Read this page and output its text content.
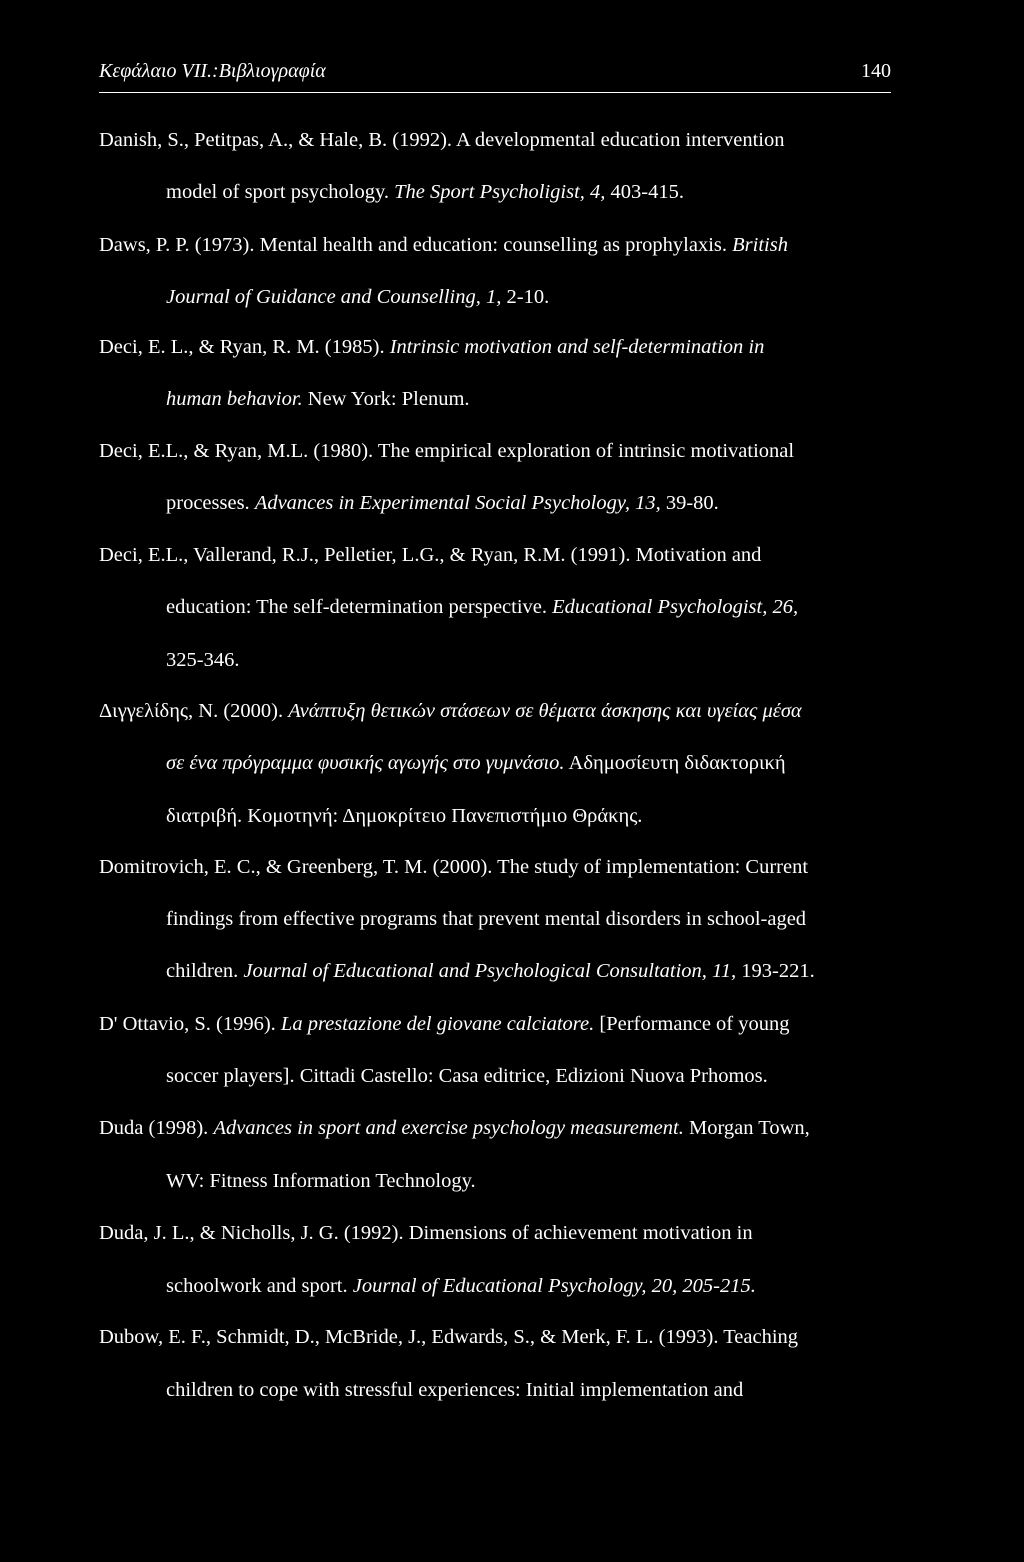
Κεφάλαιο VII.:Βιβλιογραφία	140
Danish, S., Petitpas, A., & Hale, B. (1992). A developmental education intervention
model of sport psychology. The Sport Psycholigist, 4, 403-415.
Daws, P. P. (1973). Mental health and education: counselling as prophylaxis. British
Journal of Guidance and Counselling, 1, 2-10.
Deci, E. L., & Ryan, R. M. (1985). Intrinsic motivation and self-determination in
human behavior. New York: Plenum.
Deci, E.L., & Ryan, M.L. (1980). The empirical exploration of intrinsic motivational
processes. Advances in Experimental Social Psychology, 13, 39-80.
Deci, E.L., Vallerand, R.J., Pelletier, L.G., & Ryan, R.M. (1991). Motivation and
education: The self-determination perspective. Educational Psychologist, 26,
325-346.
Διγγελίδης, Ν. (2000). Ανάπτυξη θετικών στάσεων σε θέματα άσκησης και υγείας μέσα
σε ένα πρόγραμμα φυσικής αγωγής στο γυμνάσιο. Αδημοσίευτη διδακτορική
διατριβή. Κομοτηνή: Δημοκρίτειο Πανεπιστήμιο Θράκης.
Domitrovich, E. C., & Greenberg, T. M. (2000). The study of implementation: Current
findings from effective programs that prevent mental disorders in school-aged
children. Journal of Educational and Psychological Consultation, 11, 193-221.
D' Ottavio, S. (1996). La prestazione del giovane calciatore. [Performance of young
soccer players]. Cittadi Castello: Casa editrice, Edizioni Nuova Prhomos.
Duda (1998). Advances in sport and exercise psychology measurement. Morgan Town,
WV: Fitness Information Technology.
Duda, J. L., & Nicholls, J. G. (1992). Dimensions of achievement motivation in
schoolwork and sport. Journal of Educational Psychology, 20, 205-215.
Dubow, E. F., Schmidt, D., McBride, J., Edwards, S., & Merk, F. L. (1993). Teaching
children to cope with stressful experiences: Initial implementation and
